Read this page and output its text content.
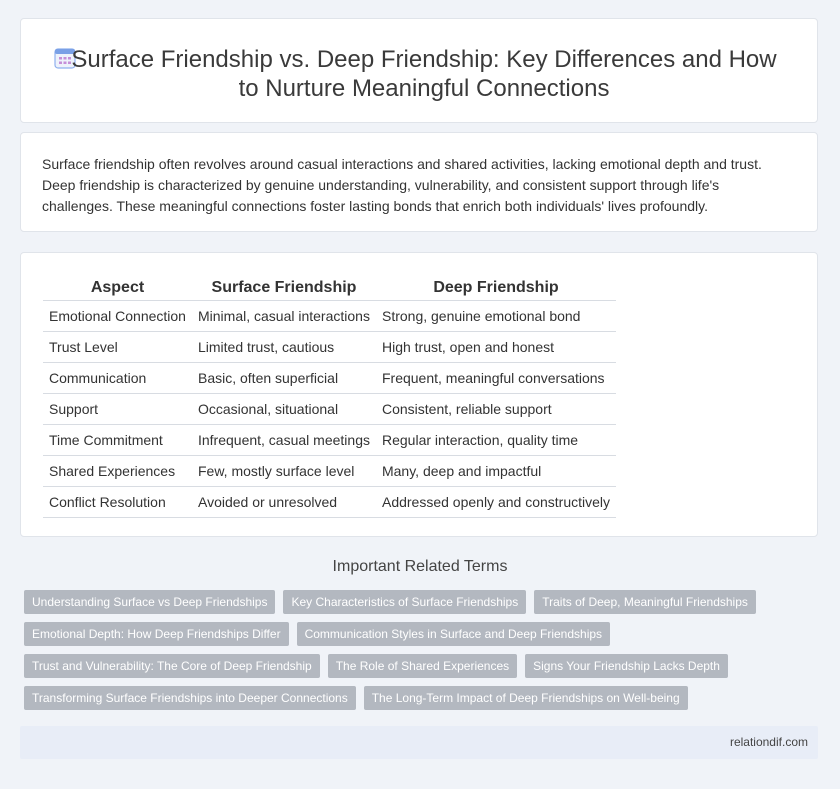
Surface Friendship vs. Deep Friendship: Key Differences and How
to Nurture Meaningful Connections
Surface friendship often revolves around casual interactions and shared activities, lacking emotional depth and trust. Deep friendship is characterized by genuine understanding, vulnerability, and consistent support through life's challenges. These meaningful connections foster lasting bonds that enrich both individuals' lives profoundly.
Aspect	Surface Friendship	Deep Friendship
Emotional Connection	Minimal, casual interactions	Strong, genuine emotional bond
Trust Level	Limited trust, cautious	High trust, open and honest
Communication	Basic, often superficial	Frequent, meaningful conversations
Support	Occasional, situational	Consistent, reliable support
Time Commitment	Infrequent, casual meetings	Regular interaction, quality time
Shared Experiences	Few, mostly surface level	Many, deep and impactful
Conflict Resolution	Avoided or unresolved	Addressed openly and constructively
Important Related Terms
Understanding Surface vs Deep Friendships	Key Characteristics of Surface Friendships	Traits of Deep, Meaningful Friendships
Emotional Depth: How Deep Friendships Differ	Communication Styles in Surface and Deep Friendships
Trust and Vulnerability: The Core of Deep Friendship	The Role of Shared Experiences	Signs Your Friendship Lacks Depth
Transforming Surface Friendships into Deeper Connections	The Long-Term Impact of Deep Friendships on Well-being
relationdif.com
